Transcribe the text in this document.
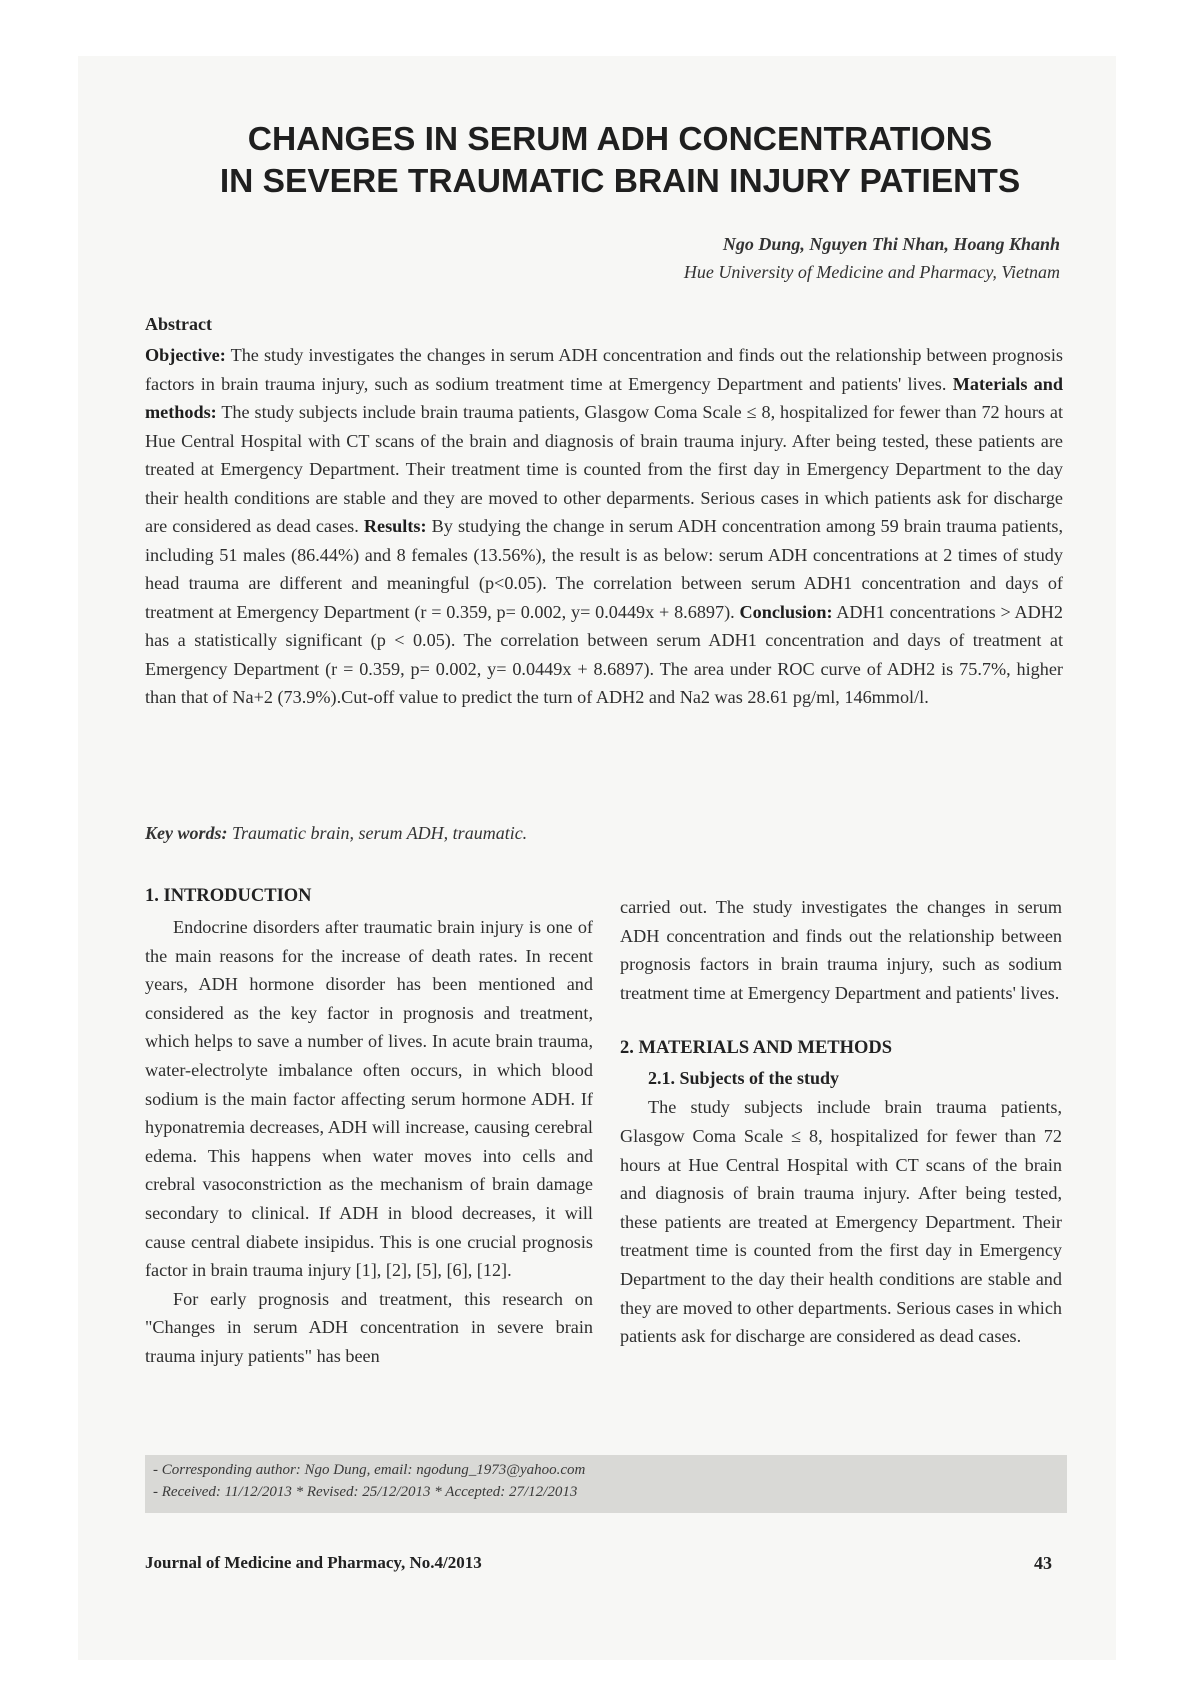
CHANGES IN SERUM ADH CONCENTRATIONS
IN SEVERE TRAUMATIC BRAIN INJURY PATIENTS
Ngo Dung, Nguyen Thi Nhan, Hoang Khanh
Hue University of Medicine and Pharmacy, Vietnam
Abstract

Objective: The study investigates the changes in serum ADH concentration and finds out the relationship between prognosis factors in brain trauma injury, such as sodium treatment time at Emergency Department and patients' lives. Materials and methods: The study subjects include brain trauma patients, Glasgow Coma Scale ≤ 8, hospitalized for fewer than 72 hours at Hue Central Hospital with CT scans of the brain and diagnosis of brain trauma injury. After being tested, these patients are treated at Emergency Department. Their treatment time is counted from the first day in Emergency Department to the day their health conditions are stable and they are moved to other deparments. Serious cases in which patients ask for discharge are considered as dead cases. Results: By studying the change in serum ADH concentration among 59 brain trauma patients, including 51 males (86.44%) and 8 females (13.56%), the result is as below: serum ADH concentrations at 2 times of study head trauma are different and meaningful (p<0.05). The correlation between serum ADH1 concentration and days of treatment at Emergency Department (r = 0.359, p= 0.002, y= 0.0449x + 8.6897). Conclusion: ADH1 concentrations > ADH2 has a statistically significant (p < 0.05). The correlation between serum ADH1 concentration and days of treatment at Emergency Department (r = 0.359, p= 0.002, y= 0.0449x + 8.6897). The area under ROC curve of ADH2 is 75.7%, higher than that of Na+2 (73.9%).Cut-off value to predict the turn of ADH2 and Na2 was 28.61 pg/ml, 146mmol/l.

Key words: Traumatic brain, serum ADH, traumatic.
1. INTRODUCTION

Endocrine disorders after traumatic brain injury is one of the main reasons for the increase of death rates. In recent years, ADH hormone disorder has been mentioned and considered as the key factor in prognosis and treatment, which helps to save a number of lives. In acute brain trauma, water-electrolyte imbalance often occurs, in which blood sodium is the main factor affecting serum hormone ADH. If hyponatremia decreases, ADH will increase, causing cerebral edema. This happens when water moves into cells and crebral vasoconstriction as the mechanism of brain damage secondary to clinical. If ADH in blood decreases, it will cause central diabete insipidus. This is one crucial prognosis factor in brain trauma injury [1], [2], [5], [6], [12].

For early prognosis and treatment, this research on "Changes in serum ADH concentration in severe brain trauma injury patients" has been

carried out. The study investigates the changes in serum ADH concentration and finds out the relationship between prognosis factors in brain trauma injury, such as sodium treatment time at Emergency Department and patients' lives.

2. MATERIALS AND METHODS
2.1. Subjects of the study

The study subjects include brain trauma patients, Glasgow Coma Scale ≤ 8, hospitalized for fewer than 72 hours at Hue Central Hospital with CT scans of the brain and diagnosis of brain trauma injury. After being tested, these patients are treated at Emergency Department. Their treatment time is counted from the first day in Emergency Department to the day their health conditions are stable and they are moved to other departments. Serious cases in which patients ask for discharge are considered as dead cases.

- Corresponding author: Ngo Dung, email: ngodung_1973@yahoo.com
- Received: 11/12/2013 * Revised: 25/12/2013 * Accepted: 27/12/2013
Journal of Medicine and Pharmacy, No.4/2013	43
